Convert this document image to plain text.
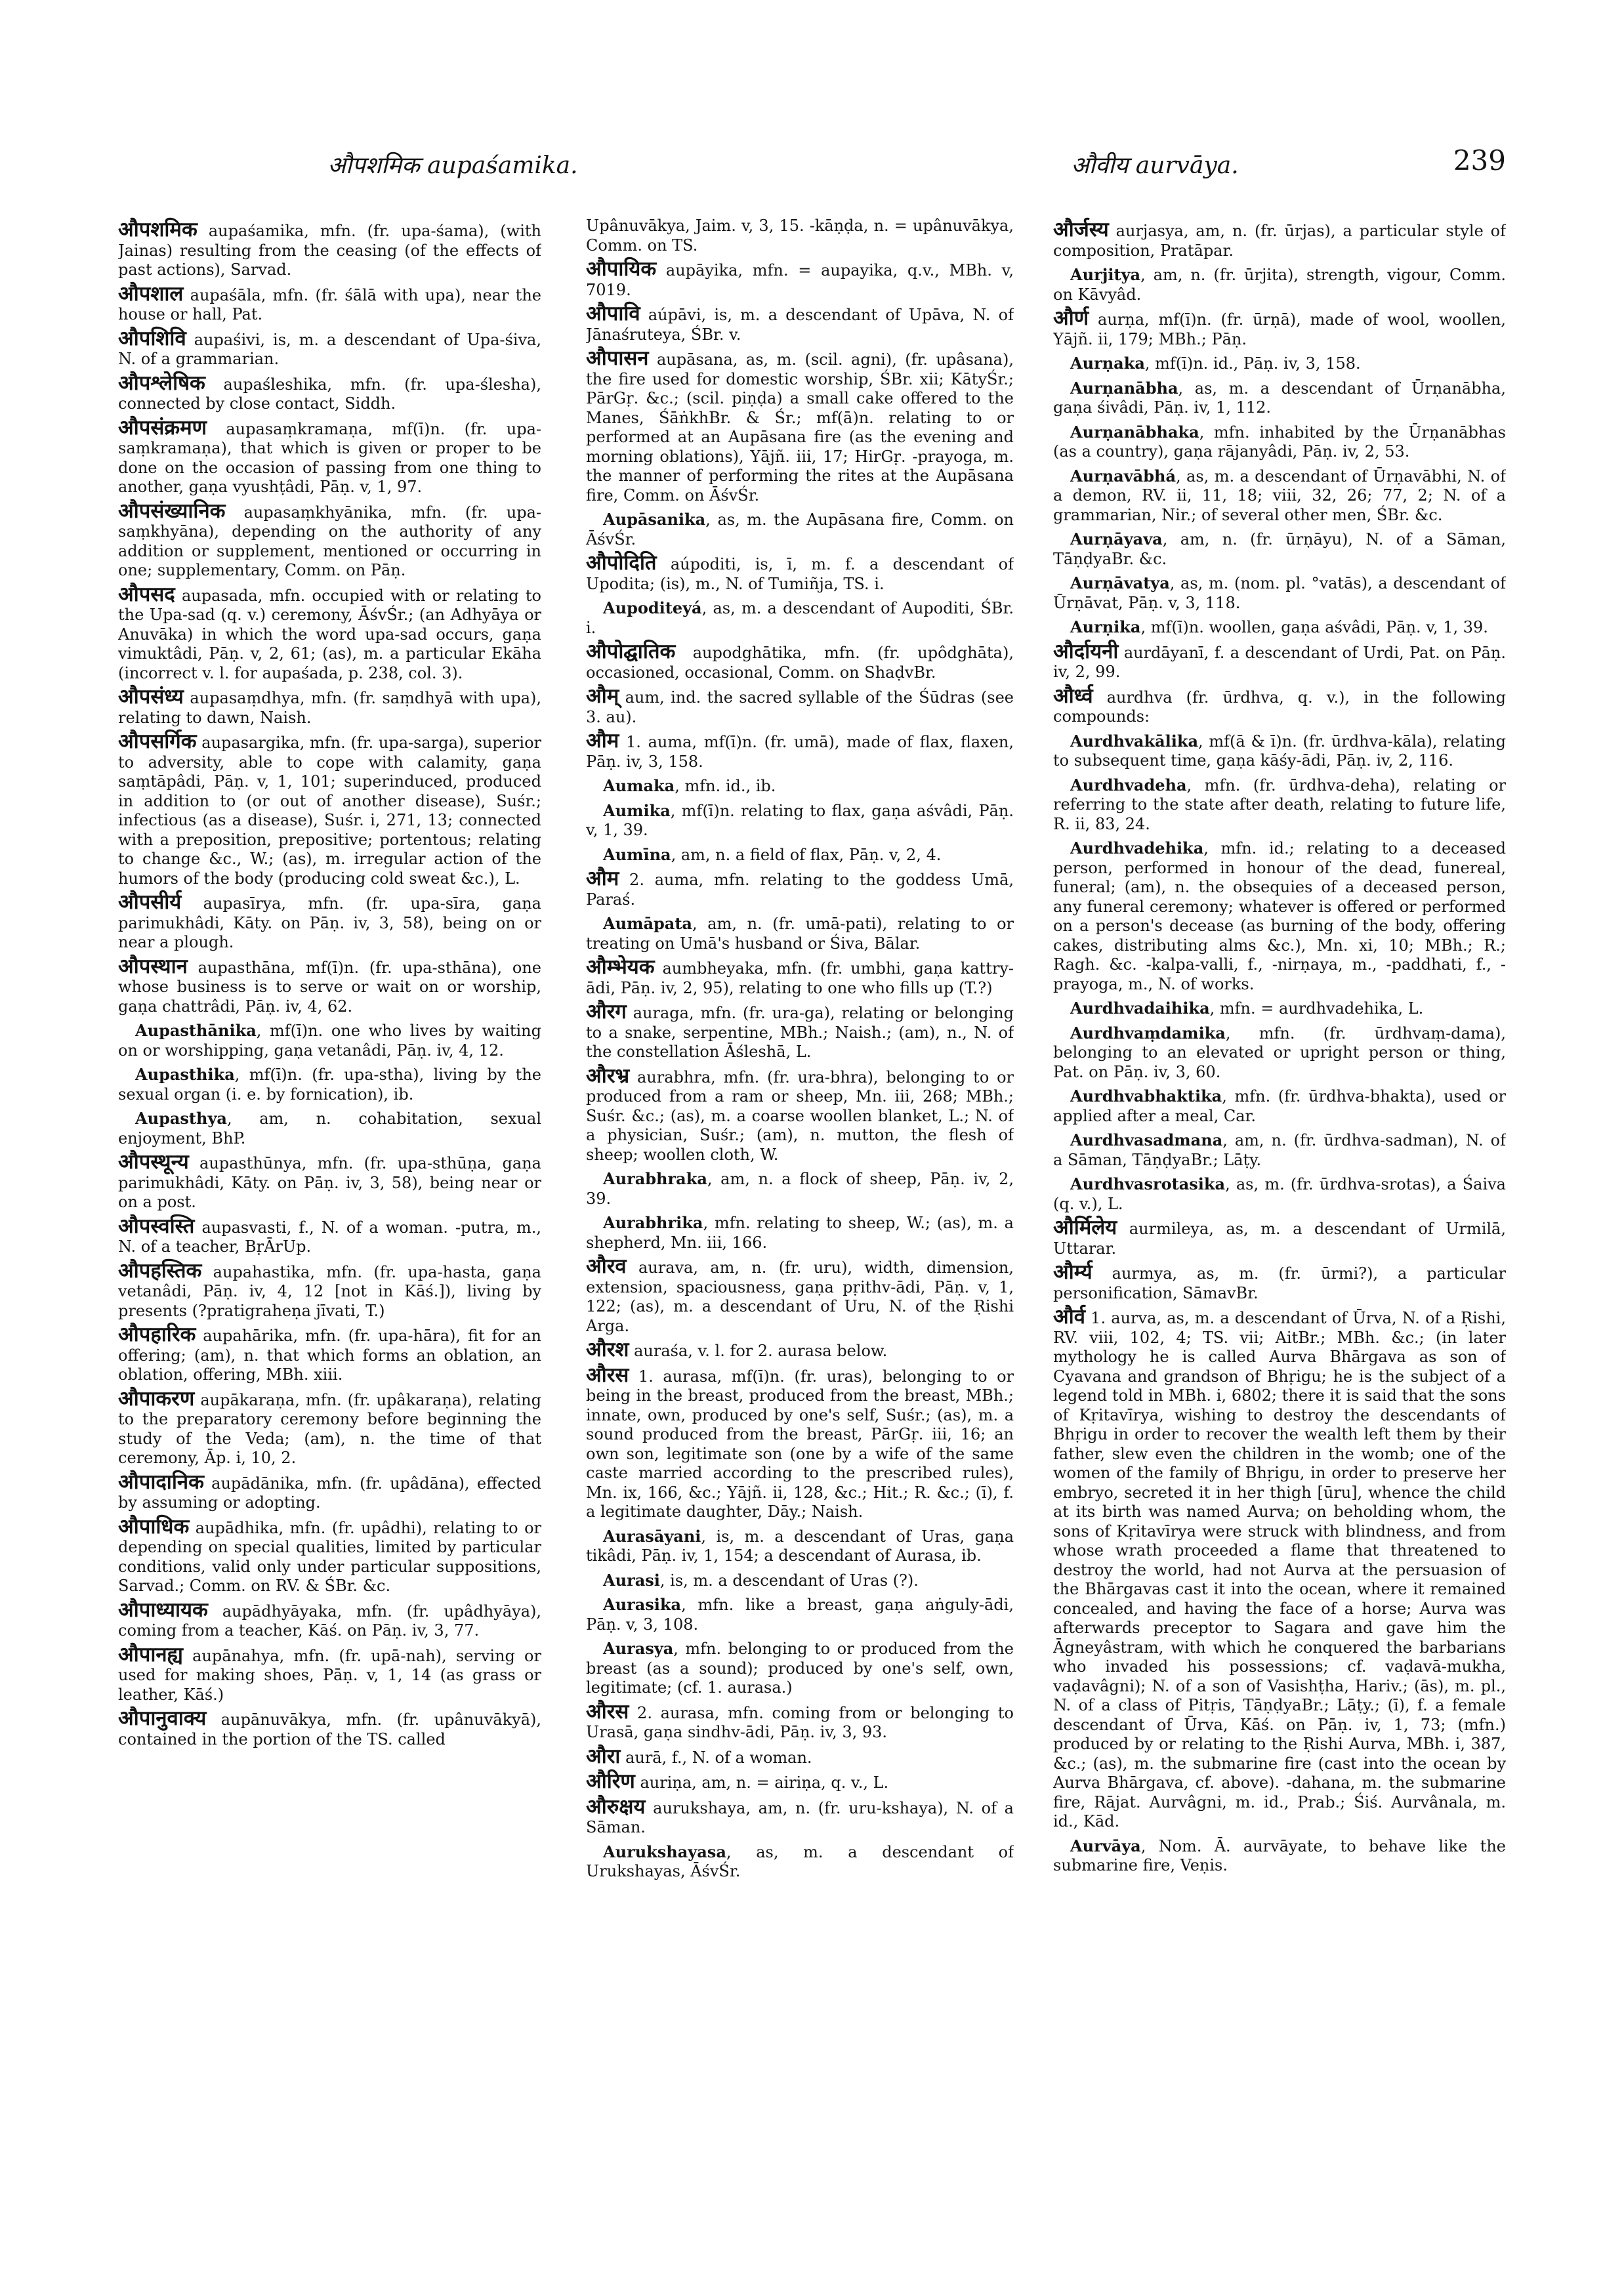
औपशमिक aupaśamika.	औवीय aurvāya.	239

औपशमिक aupaśamika, mfn. (fr. upa-śama), (with Jainas) resulting from the ceasing (of the effects of past actions), Sarvad.

औपशाल aupaśāla, mfn. (fr. śālā with upa), near the house or hall, Pat.

औपशिवि aupaśivi, is, m. a descendant of Upa-śiva, N. of a grammarian.

औपश्लेषिक aupaśleshika, mfn. (fr. upa-ślesha), connected by close contact, Siddh.

औपसंक्रमण aupasaṃkramaṇa, mf(ī)n. (fr. upa-saṃkramaṇa), that which is given or proper to be done on the occasion of passing from one thing to another, gaṇa vyushṭâdi, Pāṇ. v, 1, 97.

औपसंख्यानिक aupasaṃkhyānika, mfn. (fr. upa-saṃkhyāna), depending on the authority of any addition or supplement, mentioned or occurring in one; supplementary, Comm. on Pāṇ.

औपसद aupasada, mfn. occupied with or relating to the Upa-sad (q. v.) ceremony, ĀśvŚr.; (an Adhyāya or Anuvāka) in which the word upa-sad occurs, gaṇa vimuktâdi, Pāṇ. v, 2, 61; (as), m. a particular Ekāha (incorrect v. l. for aupaśada, p. 238, col. 3).

औपसंध्य aupasaṃdhya, mfn. (fr. saṃdhyā with upa), relating to dawn, Naish.

औपसर्गिक aupasargika, mfn. (fr. upa-sarga), superior to adversity, able to cope with calamity, gaṇa saṃtāpâdi, Pāṇ. v, 1, 101; superinduced, produced in addition to (or out of another disease), Suśr.; infectious (as a disease), Suśr. i, 271, 13; connected with a preposition, prepositive; portentous; relating to change &c., W.; (as), m. irregular action of the humors of the body (producing cold sweat &c.), L.

औपसीर्य aupasīrya, mfn. (fr. upa-sīra, gaṇa parimukhâdi, Kāty. on Pāṇ. iv, 3, 58), being on or near a plough.

औपस्थान aupasthāna, mf(ī)n. (fr. upa-sthāna), one whose business is to serve or wait on or worship, gaṇa chattrâdi, Pāṇ. iv, 4, 62.

Aupasthānika, mf(ī)n. one who lives by waiting on or worshipping, gaṇa vetanâdi, Pāṇ. iv, 4, 12.

Aupasthika, mf(ī)n. (fr. upa-stha), living by the sexual organ (i. e. by fornication), ib.

Aupasthya, am, n. cohabitation, sexual enjoyment, BhP.

औपस्थून्य aupasthūnya, mfn. (fr. upa-sthūṇa, gaṇa parimukhâdi, Kāty. on Pāṇ. iv, 3, 58), being near or on a post.

औपस्वस्ति aupasvasti, f., N. of a woman. -putra, m., N. of a teacher, BṛĀrUp.

औपहस्तिक aupahastika, mfn. (fr. upa-hasta, gaṇa vetanâdi, Pāṇ. iv, 4, 12 [not in Kāś.]), living by presents (?pratigraheṇa jīvati, T.)

औपहारिक aupahārika, mfn. (fr. upa-hāra), fit for an offering; (am), n. that which forms an oblation, an oblation, offering, MBh. xiii.

औपाकरण aupākaraṇa, mfn. (fr. upâkaraṇa), relating to the preparatory ceremony before beginning the study of the Veda; (am), n. the time of that ceremony, Āp. i, 10, 2.

औपादानिक aupādānika, mfn. (fr. upâdāna), effected by assuming or adopting.

औपाधिक aupādhika, mfn. (fr. upâdhi), relating to or depending on special qualities, limited by particular conditions, valid only under particular suppositions, Sarvad.; Comm. on RV. & ŚBr. &c.

औपाध्यायक aupādhyāyaka, mfn. (fr. upâdhyāya), coming from a teacher, Kāś. on Pāṇ. iv, 3, 77.

औपानह्य aupānahya, mfn. (fr. upā-nah), serving or used for making shoes, Pāṇ. v, 1, 14 (as grass or leather, Kāś.)

औपानुवाक्य aupānuvākya, mfn. (fr. upânuvākyā), contained in the portion of the TS. called

Upânuvākya, Jaim. v, 3, 15. -kāṇḍa, n. = upânuvākya, Comm. on TS.

औपायिक aupāyika, mfn. = aupayika, q.v., MBh. v, 7019.

औपावि aúpāvi, is, m. a descendant of Upāva, N. of Jānaśruteya, ŚBr. v.

औपासन aupāsana, as, m. (scil. agni), (fr. upâsana), the fire used for domestic worship, ŚBr. xii; KātyŚr.; PārGṛ. &c.; (scil. piṇḍa) a small cake offered to the Manes, ŚāṅkhBr. & Śr.; mf(ā)n. relating to or performed at an Aupāsana fire (as the evening and morning oblations), Yājñ. iii, 17; HirGṛ. -prayoga, m. the manner of performing the rites at the Aupāsana fire, Comm. on ĀśvŚr.

Aupāsanika, as, m. the Aupāsana fire, Comm. on ĀśvŚr.

औपोदिति aúpoditi, is, ī, m. f. a descendant of Upodita; (is), m., N. of Tumiñja, TS. i.

Aupoditeyá, as, m. a descendant of Aupoditi, ŚBr. i.

औपोद्घातिक aupodghātika, mfn. (fr. upôdghāta), occasioned, occasional, Comm. on ShaḍvBr.

औम् aum, ind. the sacred syllable of the Śūdras (see 3. au).

औम 1. auma, mf(ī)n. (fr. umā), made of flax, flaxen, Pāṇ. iv, 3, 158.

Aumaka, mfn. id., ib.

Aumika, mf(ī)n. relating to flax, gaṇa aśvâdi, Pāṇ. v, 1, 39.

Aumīna, am, n. a field of flax, Pāṇ. v, 2, 4.

औम 2. auma, mfn. relating to the goddess Umā, Paraś.

Aumāpata, am, n. (fr. umā-pati), relating to or treating on Umā's husband or Śiva, Bālar.

औम्भेयक aumbheyaka, mfn. (fr. umbhi, gaṇa kattry-ādi, Pāṇ. iv, 2, 95), relating to one who fills up (T.?)

औरग auraga, mfn. (fr. ura-ga), relating or belonging to a snake, serpentine, MBh.; Naish.; (am), n., N. of the constellation Āśleshā, L.

औरभ्र aurabhra, mfn. (fr. ura-bhra), belonging to or produced from a ram or sheep, Mn. iii, 268; MBh.; Suśr. &c.; (as), m. a coarse woollen blanket, L.; N. of a physician, Suśr.; (am), n. mutton, the flesh of sheep; woollen cloth, W.

Aurabhraka, am, n. a flock of sheep, Pāṇ. iv, 2, 39.

Aurabhrika, mfn. relating to sheep, W.; (as), m. a shepherd, Mn. iii, 166.

औरव aurava, am, n. (fr. uru), width, dimension, extension, spaciousness, gaṇa pṛithv-ādi, Pāṇ. v, 1, 122; (as), m. a descendant of Uru, N. of the Ṛishi Arga.

औरश auraśa, v. l. for 2. aurasa below.

औरस 1. aurasa, mf(ī)n. (fr. uras), belonging to or being in the breast, produced from the breast, MBh.; innate, own, produced by one's self, Suśr.; (as), m. a sound produced from the breast, PārGṛ. iii, 16; an own son, legitimate son (one by a wife of the same caste married according to the prescribed rules), Mn. ix, 166, &c.; Yājñ. ii, 128, &c.; Hit.; R. &c.; (ī), f. a legitimate daughter, Dāy.; Naish.

Aurasāyani, is, m. a descendant of Uras, gaṇa tikâdi, Pāṇ. iv, 1, 154; a descendant of Aurasa, ib.

Aurasi, is, m. a descendant of Uras (?).

Aurasika, mfn. like a breast, gaṇa aṅguly-ādi, Pāṇ. v, 3, 108.

Aurasya, mfn. belonging to or produced from the breast (as a sound); produced by one's self, own, legitimate; (cf. 1. aurasa.)

औरस 2. aurasa, mfn. coming from or belonging to Urasā, gaṇa sindhv-ādi, Pāṇ. iv, 3, 93.

औरा aurā, f., N. of a woman.

औरिण auriṇa, am, n. = airiṇa, q. v., L.

औरुक्षय aurukshaya, am, n. (fr. uru-kshaya), N. of a Sāman.

Aurukshayasa, as, m. a descendant of Urukshayas, ĀśvŚr.

और्जस्य aurjasya, am, n. (fr. ūrjas), a particular style of composition, Pratāpar.

Aurjitya, am, n. (fr. ūrjita), strength, vigour, Comm. on Kāvyâd.

और्ण aurṇa, mf(ī)n. (fr. ūrṇā), made of wool, woollen, Yājñ. ii, 179; MBh.; Pāṇ.

Aurṇaka, mf(ī)n. id., Pāṇ. iv, 3, 158.

Aurṇanābha, as, m. a descendant of Ūrṇanābha, gaṇa śivâdi, Pāṇ. iv, 1, 112.

Aurṇanābhaka, mfn. inhabited by the Ūrṇanābhas (as a country), gaṇa rājanyâdi, Pāṇ. iv, 2, 53.

Aurṇavābhá, as, m. a descendant of Ūrṇavābhi, N. of a demon, RV. ii, 11, 18; viii, 32, 26; 77, 2; N. of a grammarian, Nir.; of several other men, ŚBr. &c.

Aurṇāyava, am, n. (fr. ūrṇāyu), N. of a Sāman, TāṇḍyaBr. &c.

Aurṇāvatya, as, m. (nom. pl. °vatās), a descendant of Ūrṇāvat, Pāṇ. v, 3, 118.

Aurṇika, mf(ī)n. woollen, gaṇa aśvâdi, Pāṇ. v, 1, 39.

और्दायनी aurdāyanī, f. a descendant of Urdi, Pat. on Pāṇ. iv, 2, 99.

और्ध्व aurdhva (fr. ūrdhva, q. v.), in the following compounds:

Aurdhvakālika, mf(ā & ī)n. (fr. ūrdhva-kāla), relating to subsequent time, gaṇa kāśy-ādi, Pāṇ. iv, 2, 116.

Aurdhvadeha, mfn. (fr. ūrdhva-deha), relating or referring to the state after death, relating to future life, R. ii, 83, 24.

Aurdhvadehika, mfn. id.; relating to a deceased person, performed in honour of the dead, funereal, funeral; (am), n. the obsequies of a deceased person, any funeral ceremony; whatever is offered or performed on a person's decease (as burning of the body, offering cakes, distributing alms &c.), Mn. xi, 10; MBh.; R.; Ragh. &c. -kalpa-valli, f., -nirṇaya, m., -paddhati, f., -prayoga, m., N. of works.

Aurdhvadaihika, mfn. = aurdhvadehika, L.

Aurdhvaṃdamika, mfn. (fr. ūrdhvaṃ-dama), belonging to an elevated or upright person or thing, Pat. on Pāṇ. iv, 3, 60.

Aurdhvabhaktika, mfn. (fr. ūrdhva-bhakta), used or applied after a meal, Car.

Aurdhvasadmana, am, n. (fr. ūrdhva-sadman), N. of a Sāman, TāṇḍyaBr.; Lāṭy.

Aurdhvasrotasika, as, m. (fr. ūrdhva-srotas), a Śaiva (q. v.), L.

और्मिलेय aurmileya, as, m. a descendant of Urmilā, Uttarar.

और्म्य aurmya, as, m. (fr. ūrmi?), a particular personification, SāmavBr.

और्व 1. aurva, as, m. a descendant of Ūrva, N. of a Ṛishi, RV. viii, 102, 4; TS. vii; AitBr.; MBh. &c.; (in later mythology he is called Aurva Bhārgava as son of Cyavana and grandson of Bhṛigu; he is the subject of a legend told in MBh. i, 6802; there it is said that the sons of Kṛitavīrya, wishing to destroy the descendants of Bhṛigu in order to recover the wealth left them by their father, slew even the children in the womb; one of the women of the family of Bhṛigu, in order to preserve her embryo, secreted it in her thigh [ūru], whence the child at its birth was named Aurva; on beholding whom, the sons of Kṛitavīrya were struck with blindness, and from whose wrath proceeded a flame that threatened to destroy the world, had not Aurva at the persuasion of the Bhārgavas cast it into the ocean, where it remained concealed, and having the face of a horse; Aurva was afterwards preceptor to Sagara and gave him the Āgneyâstram, with which he conquered the barbarians who invaded his possessions; cf. vaḍavā-mukha, vaḍavâgni); N. of a son of Vasishṭha, Hariv.; (ās), m. pl., N. of a class of Pitṛis, TāṇḍyaBr.; Lāṭy.; (ī), f. a female descendant of Ūrva, Kāś. on Pāṇ. iv, 1, 73; (mfn.) produced by or relating to the Ṛishi Aurva, MBh. i, 387, &c.; (as), m. the submarine fire (cast into the ocean by Aurva Bhārgava, cf. above). -dahana, m. the submarine fire, Rājat. Aurvâgni, m. id., Prab.; Śiś. Aurvânala, m. id., Kād.

Aurvāya, Nom. Ā. aurvāyate, to behave like the submarine fire, Veṇis.
